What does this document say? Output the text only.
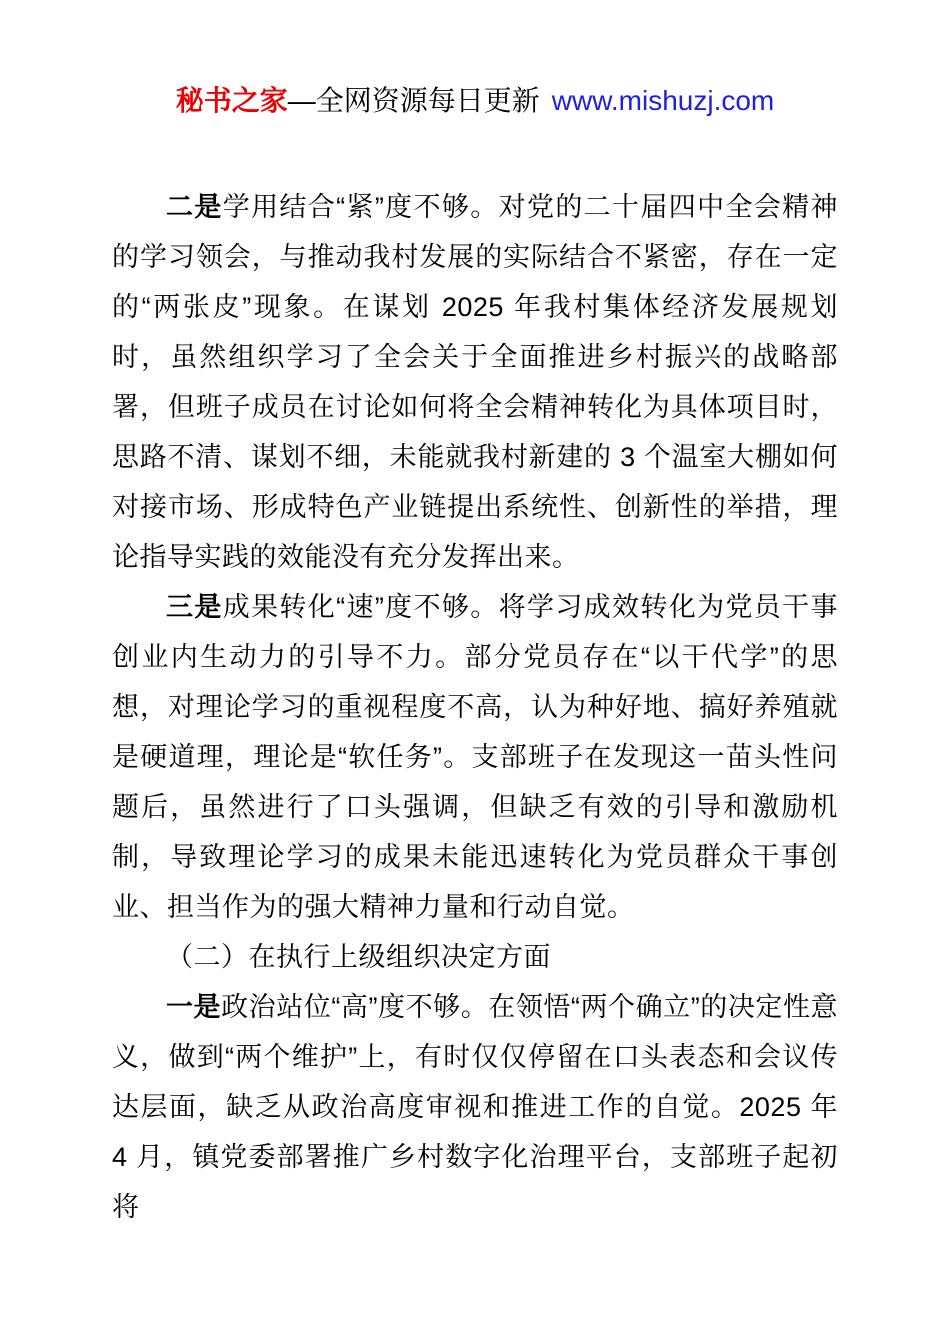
秘书之家—全网资源每日更新 www.mishuzj.com

二是学用结合“紧”度不够。对党的二十届四中全会精神的学习领会，与推动我村发展的实际结合不紧密，存在一定的“两张皮”现象。在谋划 2025 年我村集体经济发展规划时，虽然组织学习了全会关于全面推进乡村振兴的战略部署，但班子成员在讨论如何将全会精神转化为具体项目时，思路不清、谋划不细，未能就我村新建的 3 个温室大棚如何对接市场、形成特色产业链提出系统性、创新性的举措，理论指导实践的效能没有充分发挥出来。

三是成果转化“速”度不够。将学习成效转化为党员干事创业内生动力的引导不力。部分党员存在“以干代学”的思想，对理论学习的重视程度不高，认为种好地、搞好养殖就是硬道理，理论是“软任务”。支部班子在发现这一苗头性问题后，虽然进行了口头强调，但缺乏有效的引导和激励机制，导致理论学习的成果未能迅速转化为党员群众干事创业、担当作为的强大精神力量和行动自觉。

（二）在执行上级组织决定方面

一是政治站位“高”度不够。在领悟“两个确立”的决定性意义，做到“两个维护”上，有时仅仅停留在口头表态和会议传达层面，缺乏从政治高度审视和推进工作的自觉。2025 年 4 月，镇党委部署推广乡村数字化治理平台，支部班子起初将
